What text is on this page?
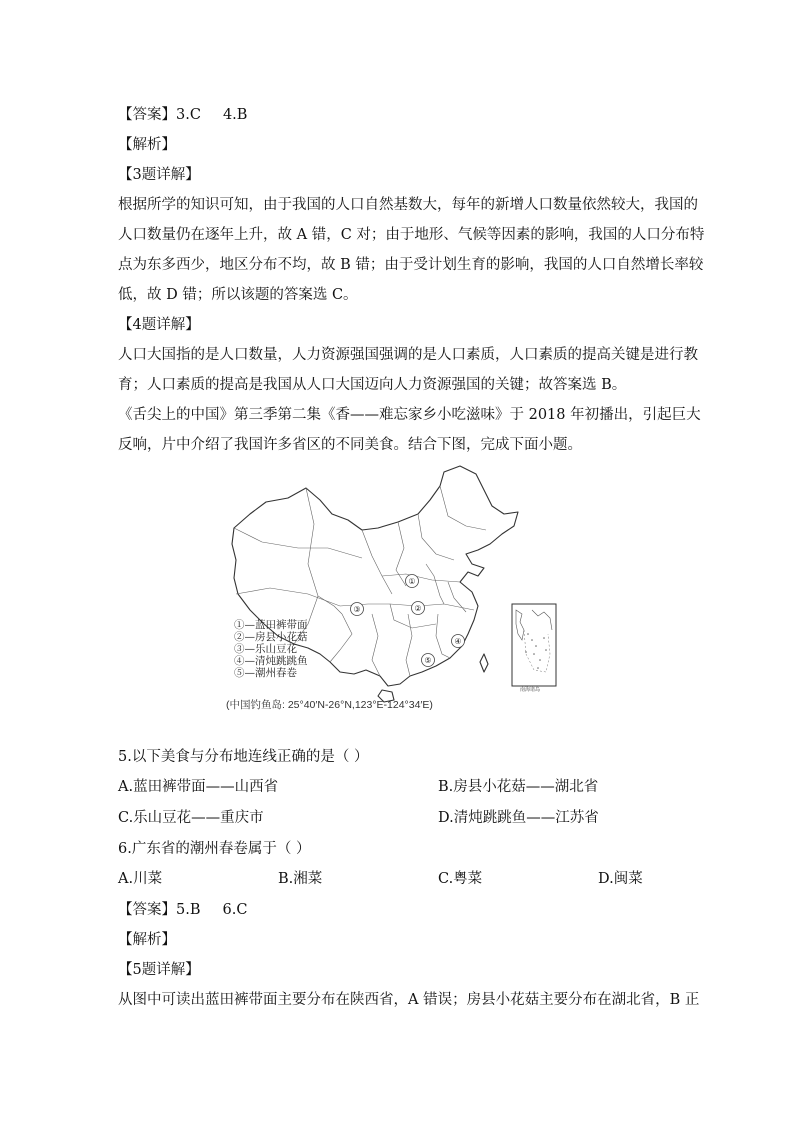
【答案】3.C 4.B
【解析】
【3题详解】
根据所学的知识可知，由于我国的人口自然基数大，每年的新增人口数量依然较大，我国的
人口数量仍在逐年上升，故 A 错，C 对；由于地形、气候等因素的影响，我国的人口分布特
点为东多西少，地区分布不均，故 B 错；由于受计划生育的影响，我国的人口自然增长率较
低，故 D 错；所以该题的答案选 C。
【4题详解】
人口大国指的是人口数量，人力资源强国强调的是人口素质，人口素质的提高关键是进行教
育；人口素质的提高是我国从人口大国迈向人力资源强国的关键；故答案选 B。
《舌尖上的中国》第三季第二集《香——难忘家乡小吃滋味》于 2018 年初播出，引起巨大
反响，片中介绍了我国许多省区的不同美食。结合下图，完成下面小题。
①
②
③
④
⑤
①—蓝田裤带面
②—房县小花菇
③—乐山豆花
④—清炖跳跳鱼
⑤—潮州春卷
南海诸岛
(中国钓鱼岛: 25°40′N-26°N,123°E-124°34′E)
5.以下美食与分布地连线正确的是（ ）
A.蓝田裤带面——山西省	B.房县小花菇——湖北省
C.乐山豆花——重庆市	D.清炖跳跳鱼——江苏省
6.广东省的潮州春卷属于（ ）
A.川菜	B.湘菜	C.粤菜	D.闽菜
【答案】5.B 6.C
【解析】
【5题详解】
从图中可读出蓝田裤带面主要分布在陕西省，A 错误；房县小花菇主要分布在湖北省，B 正
